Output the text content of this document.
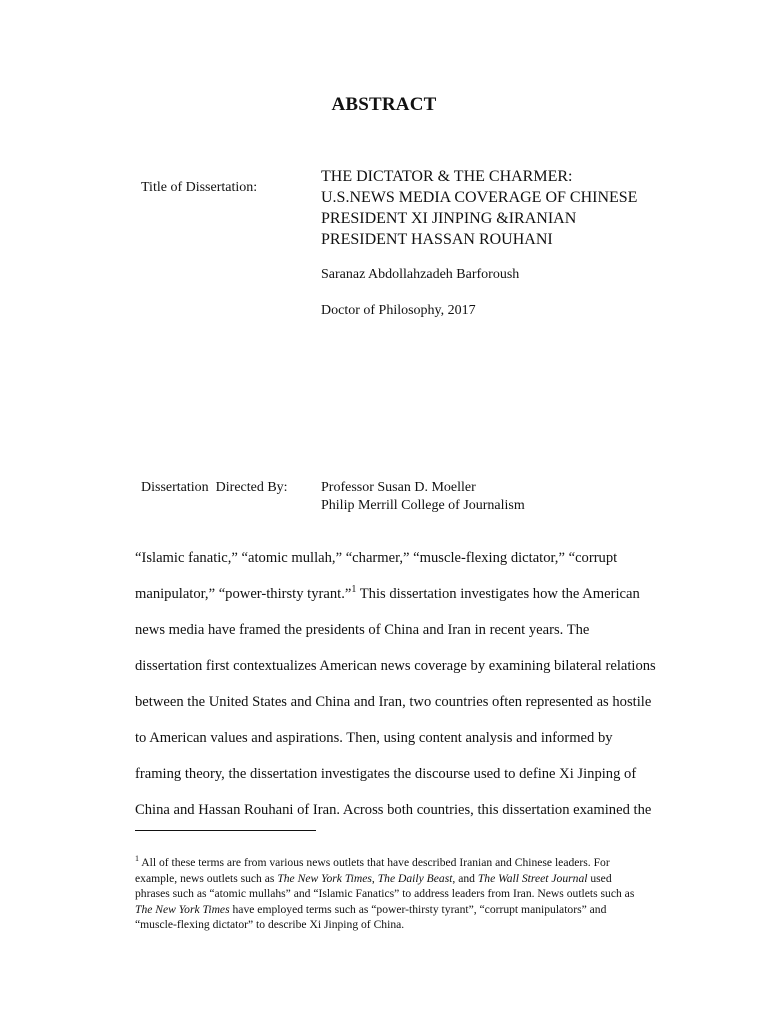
ABSTRACT
Title of Dissertation:
THE DICTATOR & THE CHARMER:
U.S.NEWS MEDIA COVERAGE OF CHINESE
PRESIDENT XI JINPING &IRANIAN
PRESIDENT HASSAN ROUHANI
Saranaz Abdollahzadeh Barforoush
Doctor of Philosophy, 2017
Dissertation  Directed By: Professor Susan D. Moeller
Philip Merrill College of Journalism
“Islamic fanatic,” “atomic mullah,” “charmer,” “muscle-flexing dictator,” “corrupt
manipulator,” “power-thirsty tyrant.”$^1$ This dissertation investigates how the American
news media have framed the presidents of China and Iran in recent years. The
dissertation first contextualizes American news coverage by examining bilateral relations
between the United States and China and Iran, two countries often represented as hostile
to American values and aspirations. Then, using content analysis and informed by
framing theory, the dissertation investigates the discourse used to define Xi Jinping of
China and Hassan Rouhani of Iran. Across both countries, this dissertation examined the
$^1$ All of these terms are from various news outlets that have described Iranian and Chinese leaders. For
example, news outlets such as The New York Times, The Daily Beast, and The Wall Street Journal used
phrases such as “atomic mullahs” and “Islamic Fanatics” to address leaders from Iran. News outlets such as
The New York Times have employed terms such as “power-thirsty tyrant”, “corrupt manipulators” and
“muscle-flexing dictator” to describe Xi Jinping of China.
